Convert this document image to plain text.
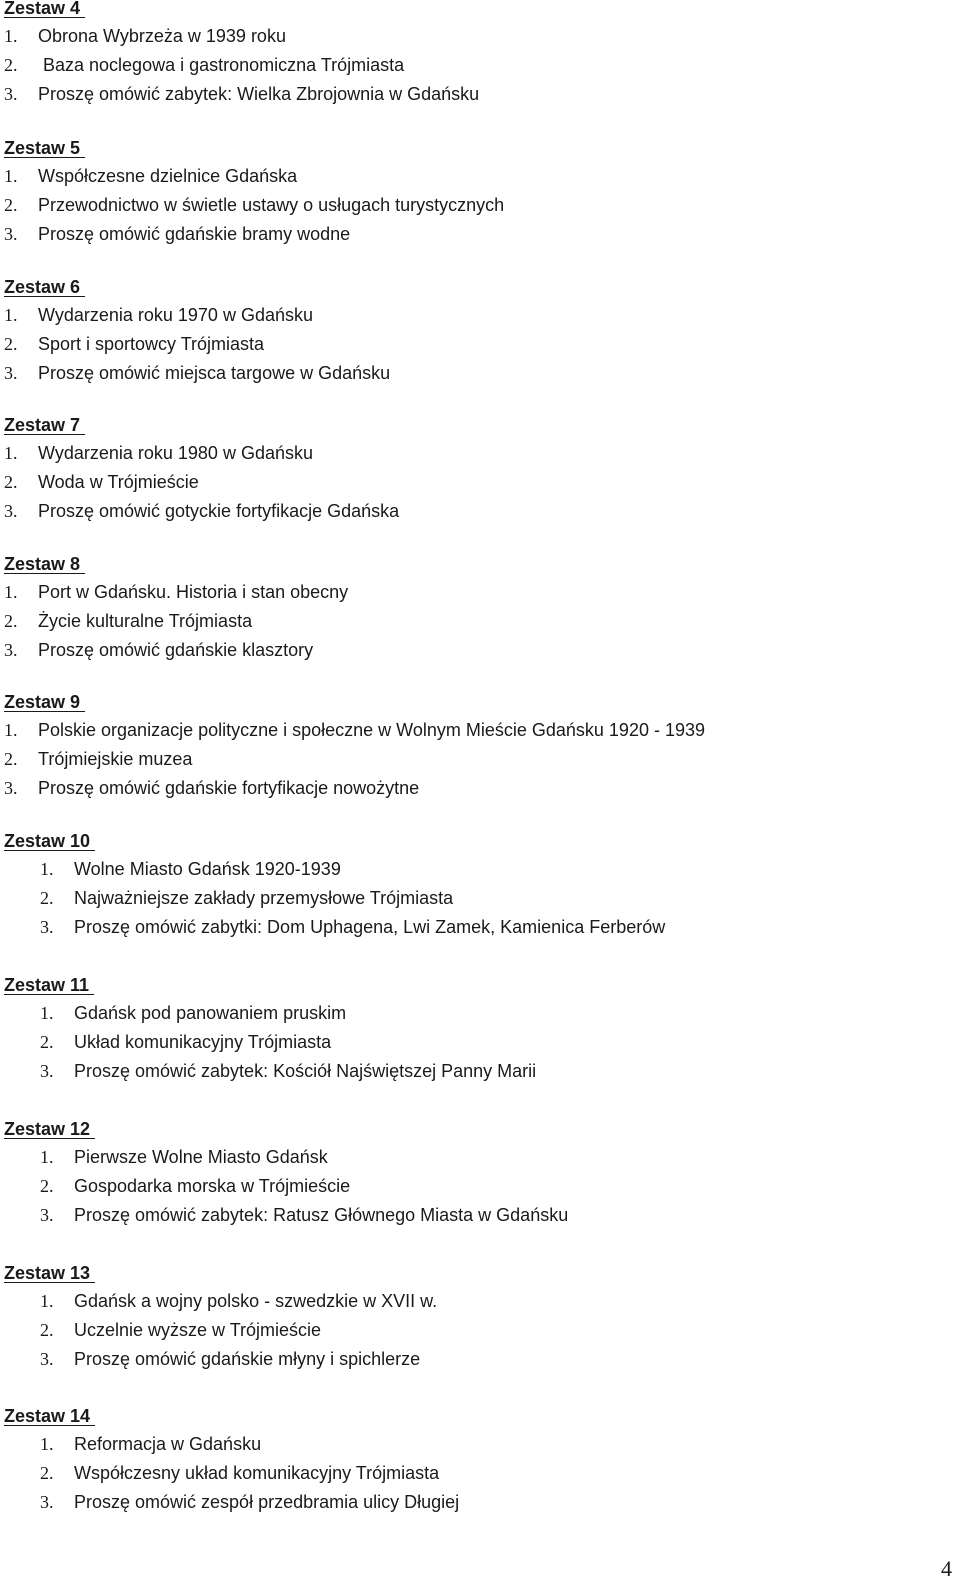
Zestaw 4
1. Obrona Wybrzeża w 1939 roku
2. Baza noclegowa i gastronomiczna Trójmiasta
3. Proszę omówić zabytek: Wielka Zbrojownia w Gdańsku
Zestaw 5
1. Współczesne dzielnice Gdańska
2. Przewodnictwo w świetle ustawy o usługach turystycznych
3. Proszę omówić gdańskie bramy wodne
Zestaw 6
1. Wydarzenia roku 1970 w Gdańsku
2. Sport i sportowcy Trójmiasta
3. Proszę omówić miejsca targowe w Gdańsku
Zestaw 7
1. Wydarzenia roku 1980 w Gdańsku
2. Woda w Trójmieście
3. Proszę omówić gotyckie fortyfikacje Gdańska
Zestaw 8
1. Port w Gdańsku. Historia i stan obecny
2. Życie kulturalne Trójmiasta
3. Proszę omówić gdańskie klasztory
Zestaw 9
1. Polskie organizacje polityczne i społeczne w Wolnym Mieście Gdańsku 1920 - 1939
2. Trójmiejskie muzea
3. Proszę omówić gdańskie fortyfikacje nowożytne
Zestaw 10
1. Wolne Miasto Gdańsk 1920-1939
2. Najważniejsze zakłady przemysłowe Trójmiasta
3. Proszę omówić zabytki: Dom Uphagena, Lwi Zamek, Kamienica Ferberów
Zestaw 11
1. Gdańsk pod panowaniem pruskim
2. Układ komunikacyjny Trójmiasta
3. Proszę omówić zabytek: Kościół Najświętszej Panny Marii
Zestaw 12
1. Pierwsze Wolne Miasto Gdańsk
2. Gospodarka morska w Trójmieście
3. Proszę omówić zabytek: Ratusz Głównego Miasta w Gdańsku
Zestaw 13
1. Gdańsk a wojny polsko - szwedzkie w XVII w.
2. Uczelnie wyższe w Trójmieście
3. Proszę omówić gdańskie młyny i spichlerze
Zestaw 14
1. Reformacja w Gdańsku
2. Współczesny układ komunikacyjny Trójmiasta
3. Proszę omówić zespół przedbramia ulicy Długiej
4
